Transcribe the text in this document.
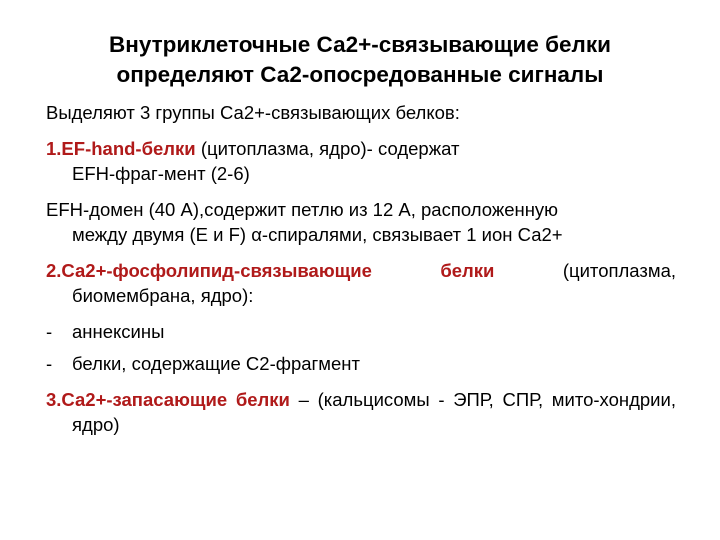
Внутриклеточные Са2+-связывающие белки
определяют Са2-опосредованные сигналы
Выделяют 3 группы Са2+-связывающих белков:
1.EF-hand-белки (цитоплазма, ядро)- содержат
ЕFН-фраг-мент (2-6)
ЕFН-домен (40 А),содержит петлю из 12 А, расположенную
между двумя (Е и F) α-спиралями, связывает 1 ион Са2+
2.Са2+-фосфолипид-связывающие белки (цитоплазма, биомембрана, ядро):
- аннексины
- белки, содержащие С2-фрагмент
3.Са2+-запасающие белки – (кальцисомы - ЭПР, СПР, мито-хондрии, ядро)
